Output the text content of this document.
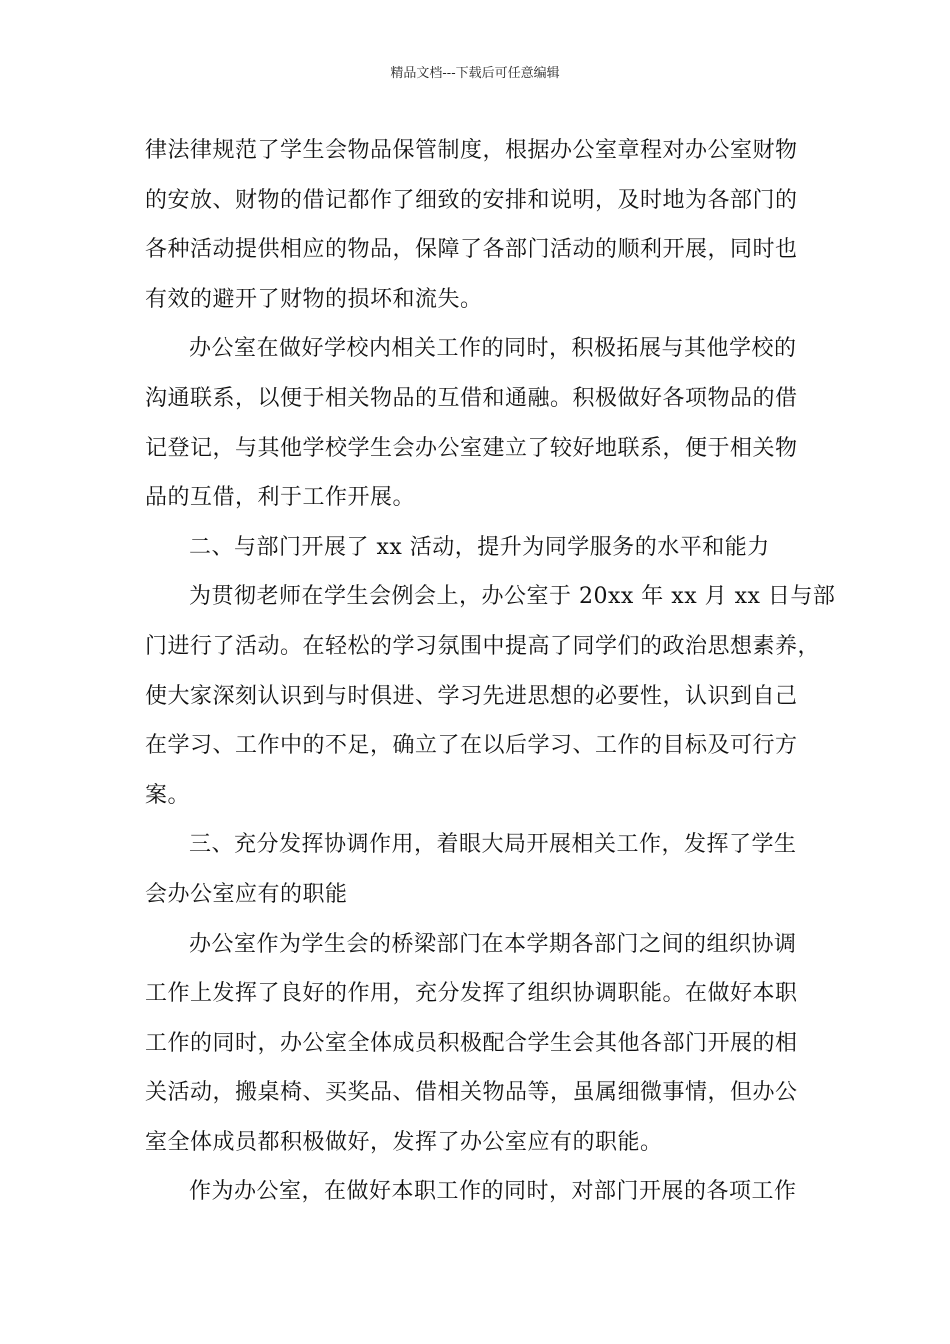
精品文档---下载后可任意编辑
律法律规范了学生会物品保管制度，根据办公室章程对办公室财物
的安放、财物的借记都作了细致的安排和说明，及时地为各部门的
各种活动提供相应的物品，保障了各部门活动的顺利开展，同时也
有效的避开了财物的损坏和流失。
办公室在做好学校内相关工作的同时，积极拓展与其他学校的
沟通联系，以便于相关物品的互借和通融。积极做好各项物品的借
记登记，与其他学校学生会办公室建立了较好地联系，便于相关物
品的互借，利于工作开展。
二、与部门开展了 xx 活动，提升为同学服务的水平和能力
为贯彻老师在学生会例会上，办公室于 20xx 年 xx 月 xx 日与部
门进行了活动。在轻松的学习氛围中提高了同学们的政治思想素养，
使大家深刻认识到与时俱进、学习先进思想的必要性，认识到自己
在学习、工作中的不足，确立了在以后学习、工作的目标及可行方
案。
三、充分发挥协调作用，着眼大局开展相关工作，发挥了学生
会办公室应有的职能
办公室作为学生会的桥梁部门在本学期各部门之间的组织协调
工作上发挥了良好的作用，充分发挥了组织协调职能。在做好本职
工作的同时，办公室全体成员积极配合学生会其他各部门开展的相
关活动，搬桌椅、买奖品、借相关物品等，虽属细微事情，但办公
室全体成员都积极做好，发挥了办公室应有的职能。
作为办公室，在做好本职工作的同时，对部门开展的各项工作
